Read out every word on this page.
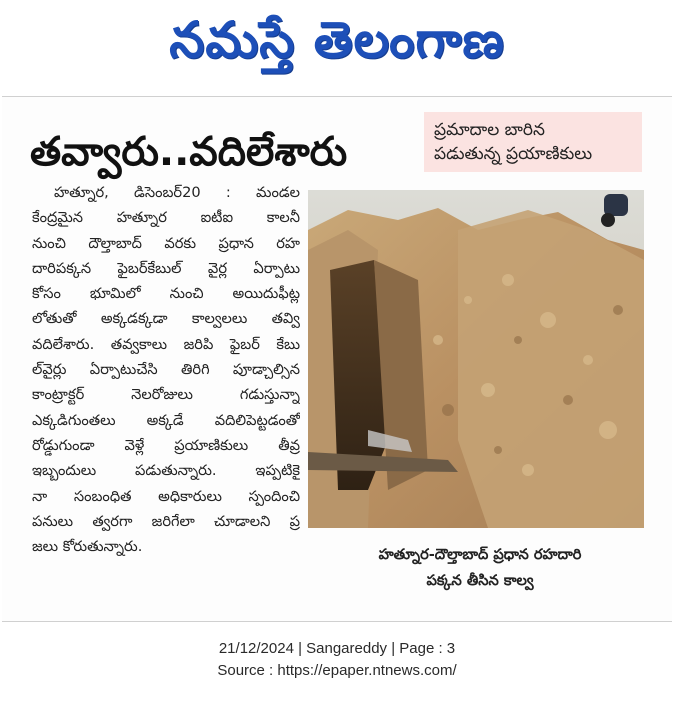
నమస్తే తెలంగాణ
తవ్వారు..వదిలేశారు	ప్రమాదాల బారిన
పడుతున్న ప్రయాణికులు
హత్నూర, డిసెంబర్20 : మండల
కేంద్రమైన హత్నూర ఐటీఐ కాలనీ
నుంచి దౌల్తాబాద్ వరకు ప్రధాన రహ
దారిపక్కన ఫైబర్‌కేబుల్ వైర్ల ఏర్పాటు
కోసం భూమిలో నుంచి అయిదుఫీట్ల
లోతుతో అక్కడక్కడా కాల్వలలు తవ్వి
వదిలేశారు. తవ్వకాలు జరిపి ఫైబర్ కేబు
ల్‌వైర్లు ఏర్పాటుచేసి తిరిగి పూడ్చాల్సిన
కాంట్రాక్టర్ నెలరోజులు గడుస్తున్నా
ఎక్కడిగుంతలు అక్కడే వదిలిపెట్టడంతో
రోడ్డుగుండా వెళ్లే ప్రయాణికులు తీవ్ర
ఇబ్బందులు పడుతున్నారు. ఇప్పటికై
నా సంబంధిత అధికారులు స్పందించి
పనులు త్వరగా జరిగేలా చూడాలని ప్ర
జలు కోరుతున్నారు.	హత్నూర-దౌల్తాబాద్ ప్రధాన రహదారి
పక్కన తీసిన కాల్వ
21/12/2024 | Sangareddy | Page : 3
Source : https://epaper.ntnews.com/
